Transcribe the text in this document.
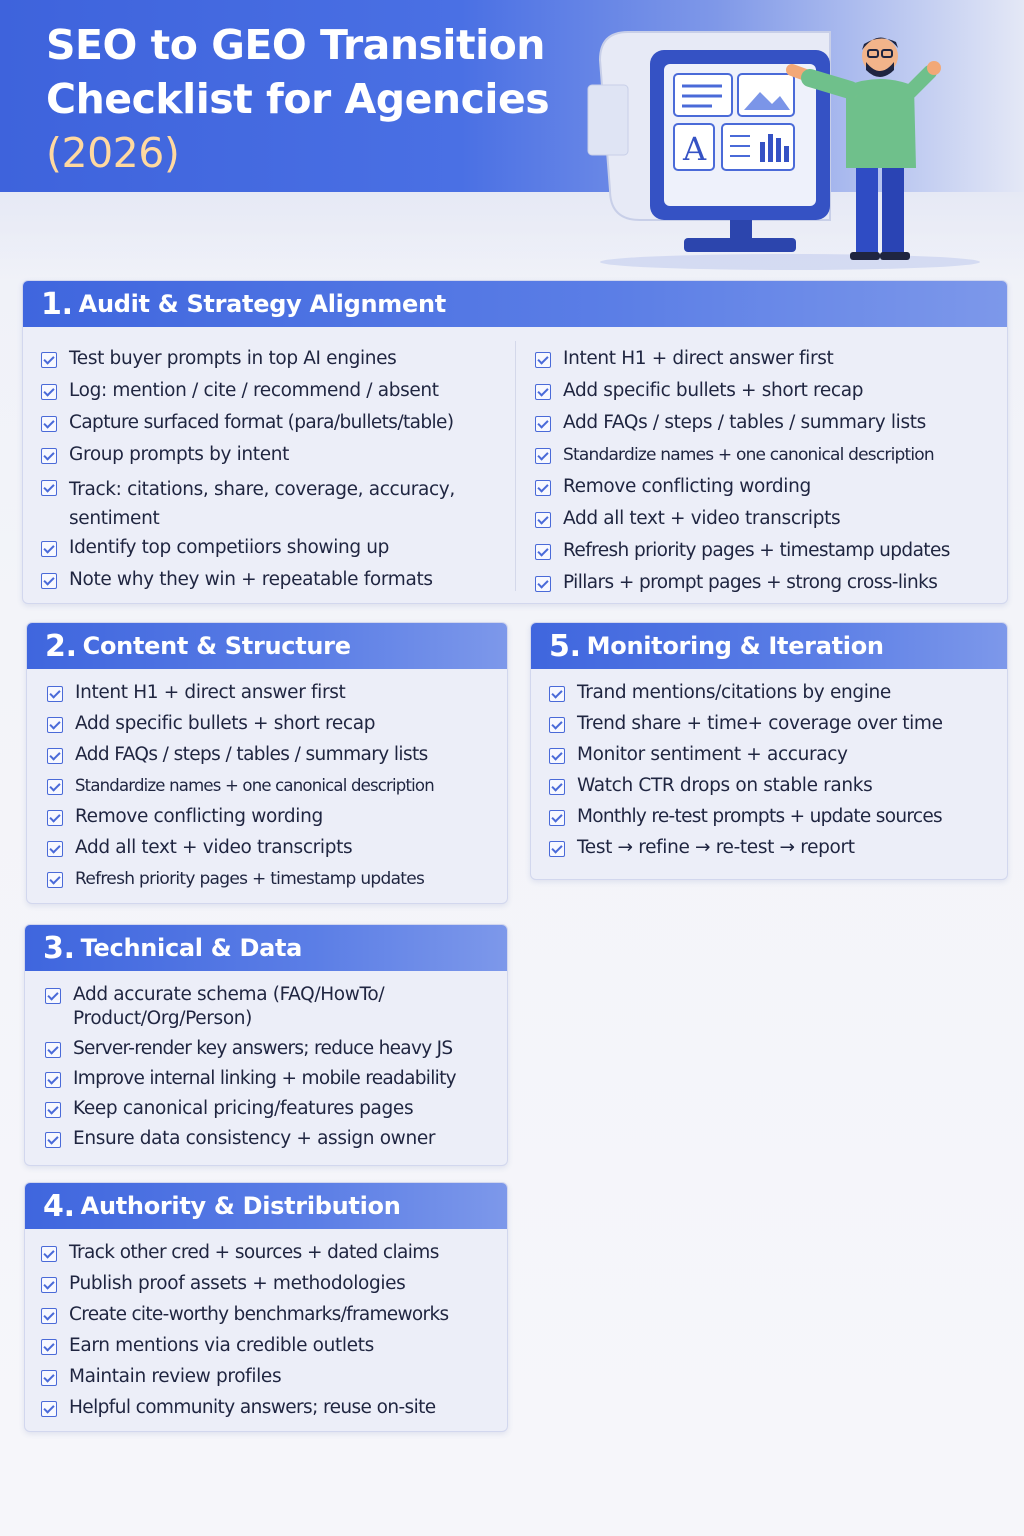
SEO to GEO Transition
Checklist for Agencies
(2026)	A
1. Audit & Strategy Alignment
Test buyer prompts in top AI engines
Log: mention / cite / recommend / absent
Capture surfaced format (para/bullets/table)
Group prompts by intent
Track: citations, share, coverage, accuracy, sentiment
Identify top competiiors showing up
Note why they win + repeatable formats
Intent H1 + direct answer first
Add specific bullets + short recap
Add FAQs / steps / tables / summary lists
Standardize names + one canonical description
Remove conflicting wording
Add all text + video transcripts
Refresh priority pages + timestamp updates
Pillars + prompt pages + strong cross-links
2. Content & Structure
Intent H1 + direct answer first
Add specific bullets + short recap
Add FAQs / steps / tables / summary lists
Standardize names + one canonical description
Remove conflicting wording
Add all text + video transcripts
Refresh priority pages + timestamp updates
3. Technical & Data
Add accurate schema (FAQ/HowTo/ Product/Org/Person)
Server-render key answers; reduce heavy JS
Improve internal linking + mobile readability
Keep canonical pricing/features pages
Ensure data consistency + assign owner
4. Authority & Distribution
Track other cred + sources + dated claims
Publish proof assets + methodologies
Create cite-worthy benchmarks/frameworks
Earn mentions via credible outlets
Maintain review profiles
Helpful community answers; reuse on-site
5. Monitoring & Iteration
Trand mentions/citations by engine
Trend share + time+ coverage over time
Monitor sentiment + accuracy
Watch CTR drops on stable ranks
Monthly re-test prompts + update sources
Test → refine → re-test → report
